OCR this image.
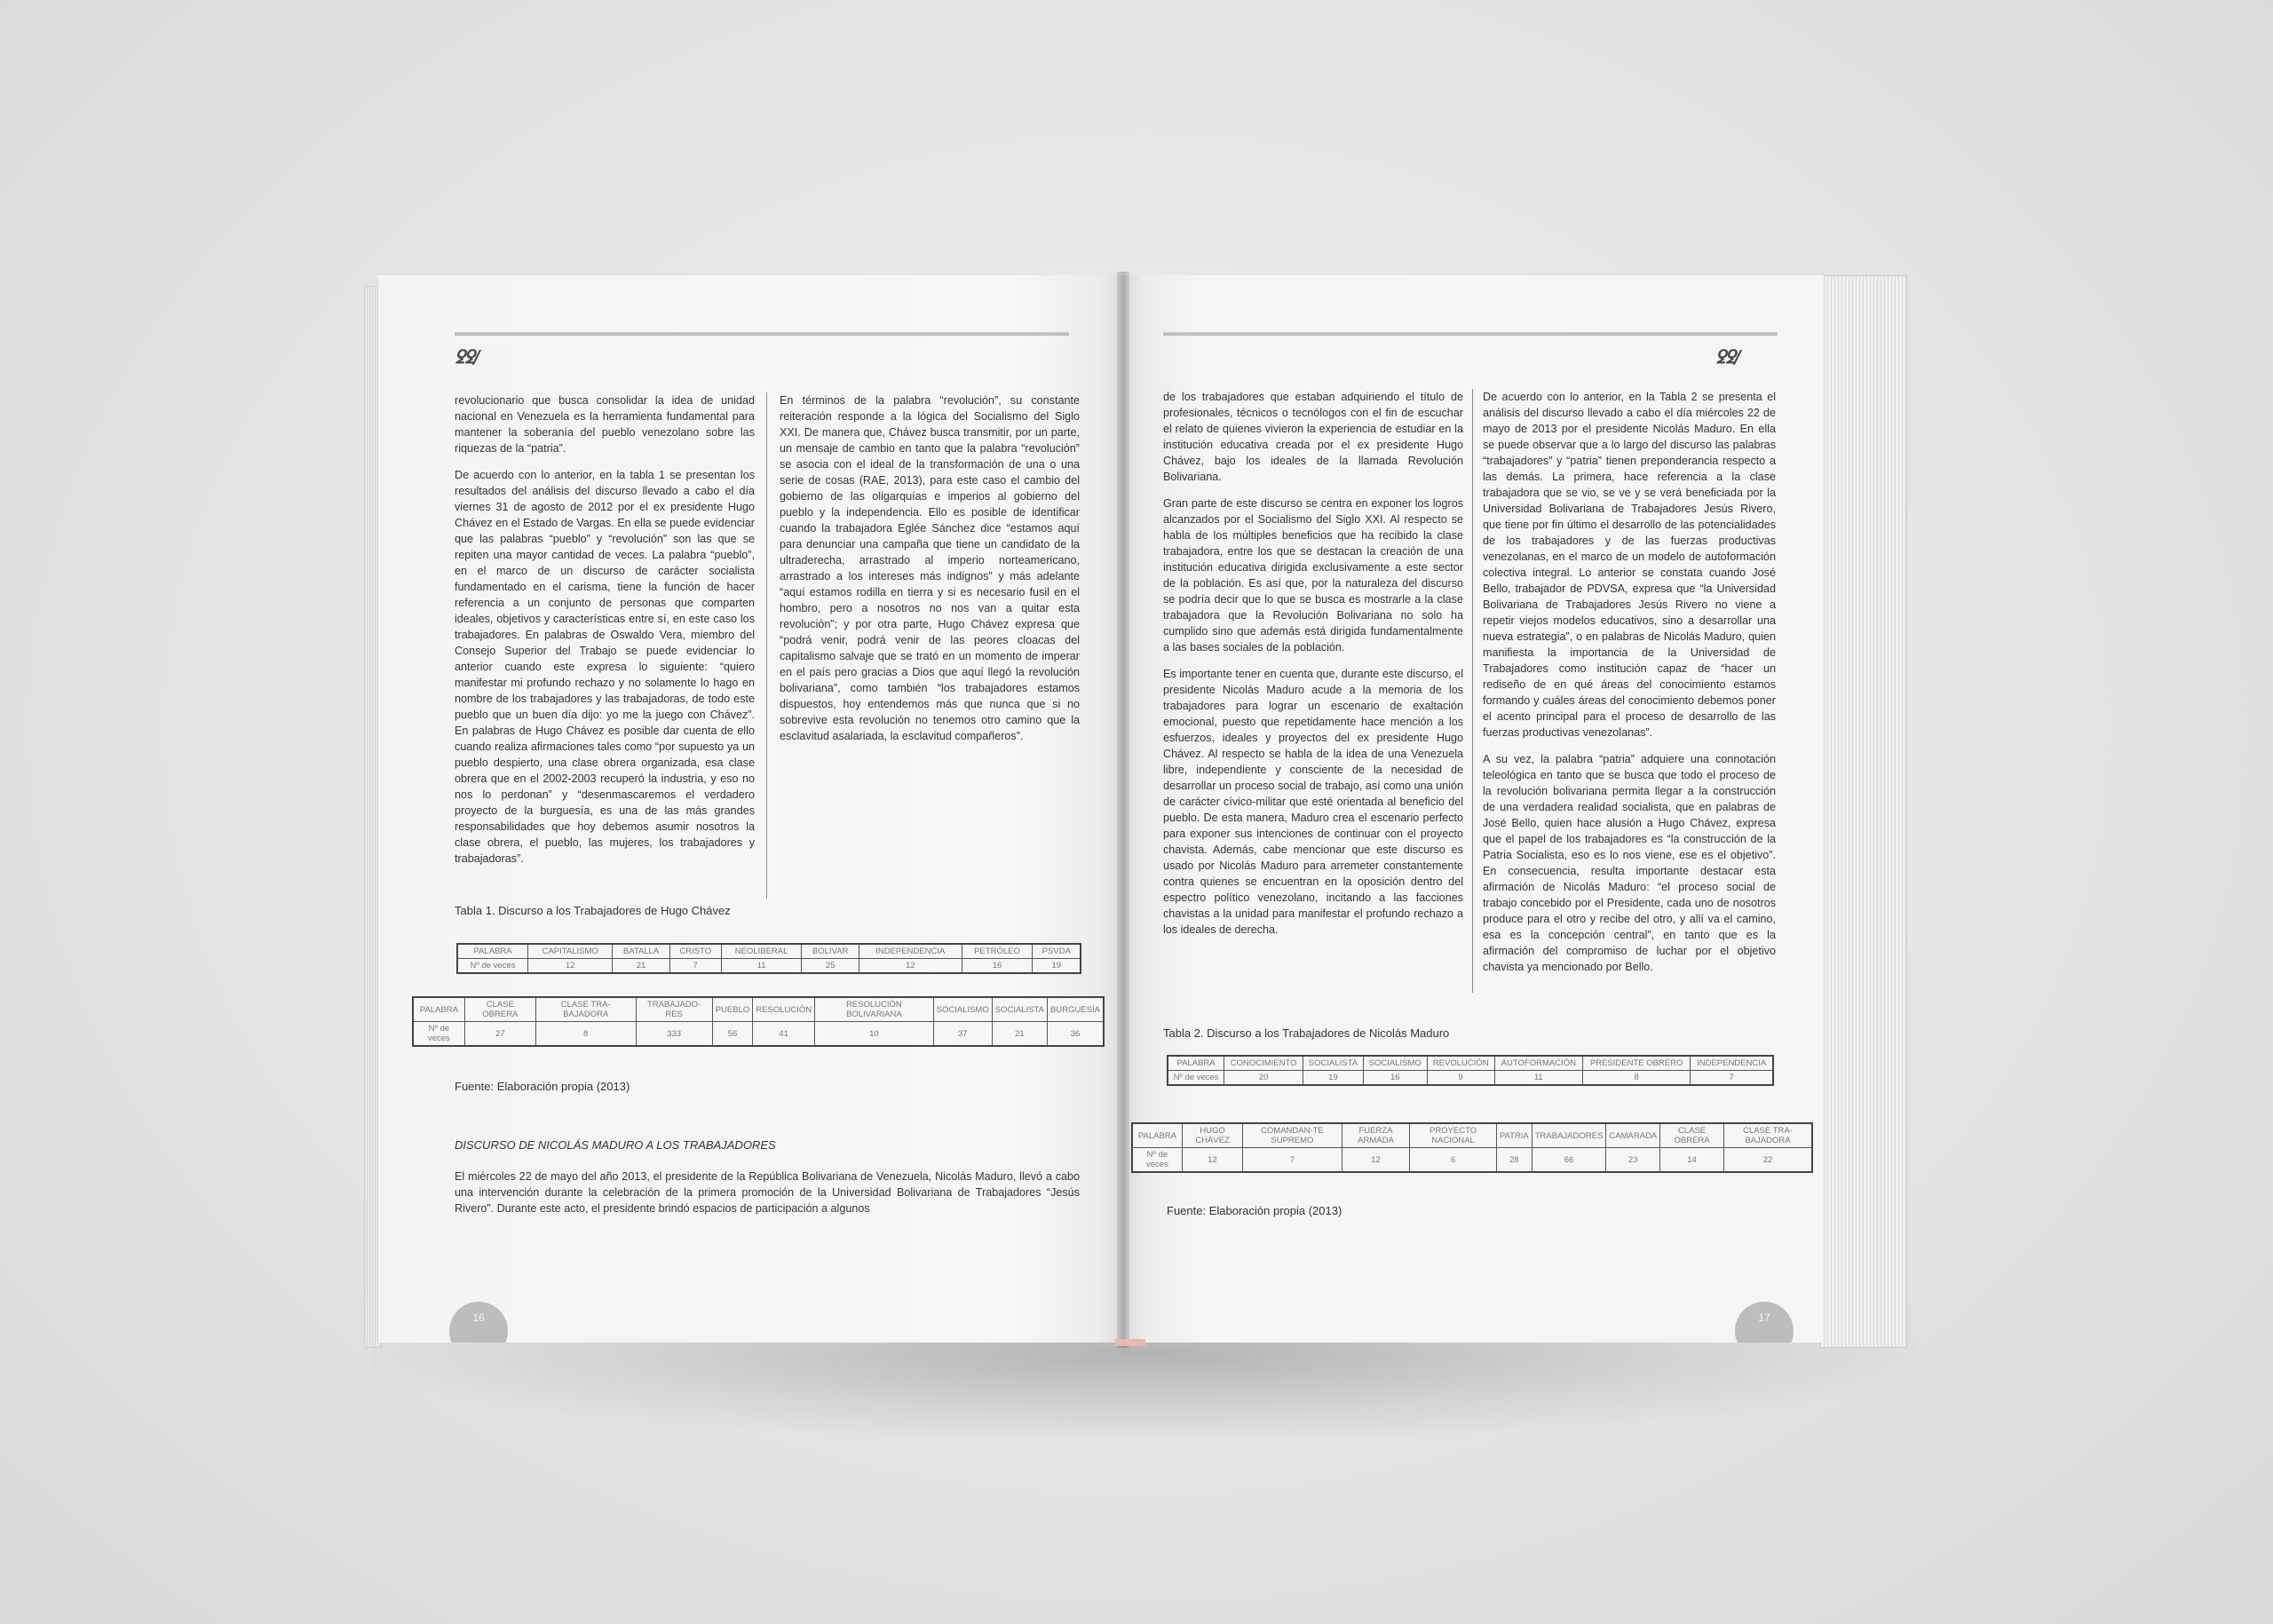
ꝿꝿ/

revolucionario que busca consolidar la idea de unidad nacional en Venezuela es la herramienta fundamental para mantener la soberanía del pueblo venezolano sobre las riquezas de la “patria”.

De acuerdo con lo anterior, en la tabla 1 se presentan los resultados del análisis del discurso llevado a cabo el día viernes 31 de agosto de 2012 por el ex presidente Hugo Chávez en el Estado de Vargas. En ella se puede evidenciar que las palabras “pueblo” y “revolución” son las que se repiten una mayor cantidad de veces. La palabra “pueblo”, en el marco de un discurso de carácter socialista fundamentado en el carisma, tiene la función de hacer referencia a un conjunto de personas que comparten ideales, objetivos y características entre sí, en este caso los trabajadores. En palabras de Oswaldo Vera, miembro del Consejo Superior del Trabajo se puede evidenciar lo anterior cuando este expresa lo siguiente: “quiero manifestar mi profundo rechazo y no solamente lo hago en nombre de los trabajadores y las trabajadoras, de todo este pueblo que un buen día dijo: yo me la juego con Chávez”. En palabras de Hugo Chávez es posible dar cuenta de ello cuando realiza afirmaciones tales como “por supuesto ya un pueblo despierto, una clase obrera organizada, esa clase obrera que en el 2002-2003 recuperó la industria, y eso no nos lo perdonan” y “desenmascaremos el verdadero proyecto de la burguesía, es una de las más grandes responsabilidades que hoy debemos asumir nosotros la clase obrera, el pueblo, las mujeres, los trabajadores y trabajadoras”.

En términos de la palabra “revolución”, su constante reiteración responde a la lógica del Socialismo del Siglo XXI. De manera que, Chávez busca transmitir, por un parte, un mensaje de cambio en tanto que la palabra “revolución” se asocia con el ideal de la transformación de una o una serie de cosas (RAE, 2013), para este caso el cambio del gobierno de las oligarquías e imperios al gobierno del pueblo y la independencia. Ello es posible de identificar cuando la trabajadora Eglée Sánchez dice “estamos aquí para denunciar una campaña que tiene un candidato de la ultraderecha, arrastrado al imperio norteamericano, arrastrado a los intereses más indignos” y más adelante “aquí estamos rodilla en tierra y si es necesario fusil en el hombro, pero a nosotros no nos van a quitar esta revolución”; y por otra parte, Hugo Chávez expresa que “podrá venir, podrá venir de las peores cloacas del capitalismo salvaje que se trató en un momento de imperar en el país pero gracias a Dios que aquí llegó la revolución bolivariana”, como también “los trabajadores estamos dispuestos, hoy entendemos más que nunca que si no sobrevive esta revolución no tenemos otro camino que la esclavitud asalariada, la esclavitud compañeros”.

Tabla 1. Discurso a los Trabajadores de Hugo Chávez
PALABRA	CAPITALISMO	BATALLA	CRISTO	NEOLIBERAL	BOLIVAR	INDEPENDENCIA	PETRÓLEO	PSVDA
Nº de veces	12	21	7	11	25	12	16	19
PALABRA	CLASE OBRERA	CLASE TRA-BAJADORA	TRABAJADO-RES	PUEBLO	RESOLUCIÓN	RESOLUCIÓN BOLIVARIANA	SOCIALISMO	SOCIALISTA	BURGUESÍA
Nº de veces	27	8	333	56	41	10	37	21	36
Fuente: Elaboración propia (2013)
DISCURSO DE NICOLÁS MADURO A LOS TRABAJADORES
El miércoles 22 de mayo del año 2013, el presidente de la República Bolivariana de Venezuela, Nicolás Maduro, llevó a cabo una intervención durante la celebración de la primera promoción de la Universidad Bolivariana de Trabajadores “Jesús Rivero”. Durante este acto, el presidente brindó espacios de participación a algunos
16
ꝿꝿ/

de los trabajadores que estaban adquiriendo el título de profesionales, técnicos o tecnólogos con el fin de escuchar el relato de quienes vivieron la experiencia de estudiar en la institución educativa creada por el ex presidente Hugo Chávez, bajo los ideales de la llamada Revolución Bolivariana.

Gran parte de este discurso se centra en exponer los logros alcanzados por el Socialismo del Siglo XXI. Al respecto se habla de los múltiples beneficios que ha recibido la clase trabajadora, entre los que se destacan la creación de una institución educativa dirigida exclusivamente a este sector de la población. Es así que, por la naturaleza del discurso se podría decir que lo que se busca es mostrarle a la clase trabajadora que la Revolución Bolivariana no solo ha cumplido sino que además está dirigida fundamentalmente a las bases sociales de la población.

Es importante tener en cuenta que, durante este discurso, el presidente Nicolás Maduro acude a la memoria de los trabajadores para lograr un escenario de exaltación emocional, puesto que repetidamente hace mención a los esfuerzos, ideales y proyectos del ex presidente Hugo Chávez. Al respecto se habla de la idea de una Venezuela libre, independiente y consciente de la necesidad de desarrollar un proceso social de trabajo, así como una unión de carácter cívico-militar que esté orientada al beneficio del pueblo. De esta manera, Maduro crea el escenario perfecto para exponer sus intenciones de continuar con el proyecto chavista. Además, cabe mencionar que este discurso es usado por Nicolás Maduro para arremeter constantemente contra quienes se encuentran en la oposición dentro del espectro político venezolano, incitando a las facciones chavistas a la unidad para manifestar el profundo rechazo a los ideales de derecha.

De acuerdo con lo anterior, en la Tabla 2 se presenta el análisis del discurso llevado a cabo el día miércoles 22 de mayo de 2013 por el presidente Nicolás Maduro. En ella se puede observar que a lo largo del discurso las palabras “trabajadores” y “patria” tienen preponderancia respecto a las demás. La primera, hace referencia a la clase trabajadora que se vio, se ve y se verá beneficiada por la Universidad Bolivariana de Trabajadores Jesús Rivero, que tiene por fin último el desarrollo de las potencialidades de los trabajadores y de las fuerzas productivas venezolanas, en el marco de un modelo de autoformación colectiva integral. Lo anterior se constata cuando José Bello, trabajador de PDVSA, expresa que “la Universidad Bolivariana de Trabajadores Jesús Rivero no viene a repetir viejos modelos educativos, sino a desarrollar una nueva estrategia”, o en palabras de Nicolás Maduro, quien manifiesta la importancia de la Universidad de Trabajadores como institución capaz de “hacer un rediseño de en qué áreas del conocimiento estamos formando y cuáles áreas del conocimiento debemos poner el acento principal para el proceso de desarrollo de las fuerzas productivas venezolanas”.

A su vez, la palabra “patria” adquiere una connotación teleológica en tanto que se busca que todo el proceso de la revolución bolivariana permita llegar a la construcción de una verdadera realidad socialista, que en palabras de José Bello, quien hace alusión a Hugo Chávez, expresa que el papel de los trabajadores es “la construcción de la Patria Socialista, eso es lo nos viene, ese es el objetivo”. En consecuencia, resulta importante destacar esta afirmación de Nicolás Maduro: “el proceso social de trabajo concebido por el Presidente, cada uno de nosotros produce para el otro y recibe del otro, y allí va el camino, esa es la concepción central”, en tanto que es la afirmación del compromiso de luchar por el objetivo chavista ya mencionado por Bello.

Tabla 2. Discurso a los Trabajadores de Nicolás Maduro
PALABRA	CONOCIMIENTO	SOCIALISTA	SOCIALISMO	REVOLUCIÓN	AUTOFORMACIÓN	PRESIDENTE OBRERO	INDEPENDENCIA
Nº de veces	20	19	16	9	11	8	7
PALABRA	HUGO CHÁVEZ	COMANDAN-TE SUPREMO	FUERZA ARMADA	PROYECTO NACIONAL	PATRIA	TRABAJADORES	CAMARADA	CLASE OBRERA	CLASE TRA-BAJADORA
Nº de veces	12	7	12	6	28	66	23	14	22
Fuente: Elaboración propia (2013)
17
